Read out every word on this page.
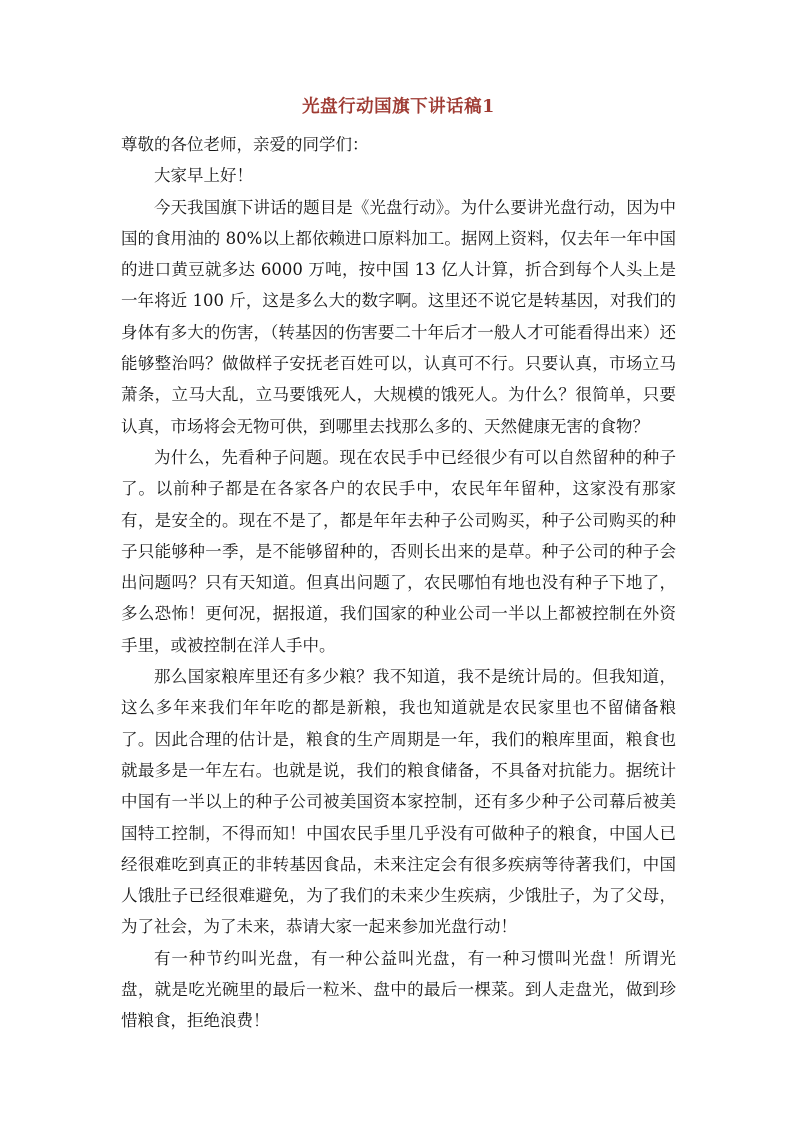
光盘行动国旗下讲话稿1

尊敬的各位老师，亲爱的同学们：

大家早上好！

今天我国旗下讲话的题目是《光盘行动》。为什么要讲光盘行动，因为中国的食用油的 80%以上都依赖进口原料加工。据网上资料，仅去年一年中国的进口黄豆就多达 6000 万吨，按中国 13 亿人计算，折合到每个人头上是一年将近 100 斤，这是多么大的数字啊。这里还不说它是转基因，对我们的身体有多大的伤害，（转基因的伤害要二十年后才一般人才可能看得出来）还能够整治吗？做做样子安抚老百姓可以，认真可不行。只要认真，市场立马萧条，立马大乱，立马要饿死人，大规模的饿死人。为什么？很简单，只要认真，市场将会无物可供，到哪里去找那么多的、天然健康无害的食物？

为什么，先看种子问题。现在农民手中已经很少有可以自然留种的种子了。以前种子都是在各家各户的农民手中，农民年年留种，这家没有那家有，是安全的。现在不是了，都是年年去种子公司购买，种子公司购买的种子只能够种一季，是不能够留种的，否则长出来的是草。种子公司的种子会出问题吗？只有天知道。但真出问题了，农民哪怕有地也没有种子下地了，多么恐怖！更何况，据报道，我们国家的种业公司一半以上都被控制在外资手里，或被控制在洋人手中。

那么国家粮库里还有多少粮？我不知道，我不是统计局的。但我知道，这么多年来我们年年吃的都是新粮，我也知道就是农民家里也不留储备粮了。因此合理的估计是，粮食的生产周期是一年，我们的粮库里面，粮食也就最多是一年左右。也就是说，我们的粮食储备，不具备对抗能力。据统计中国有一半以上的种子公司被美国资本家控制，还有多少种子公司幕后被美国特工控制，不得而知！中国农民手里几乎没有可做种子的粮食，中国人已经很难吃到真正的非转基因食品，未来注定会有很多疾病等待著我们，中国人饿肚子已经很难避免，为了我们的未来少生疾病，少饿肚子，为了父母，为了社会，为了未来，恭请大家一起来参加光盘行动！

有一种节约叫光盘，有一种公益叫光盘，有一种习惯叫光盘！所谓光盘，就是吃光碗里的最后一粒米、盘中的最后一棵菜。到人走盘光，做到珍惜粮食，拒绝浪费！
